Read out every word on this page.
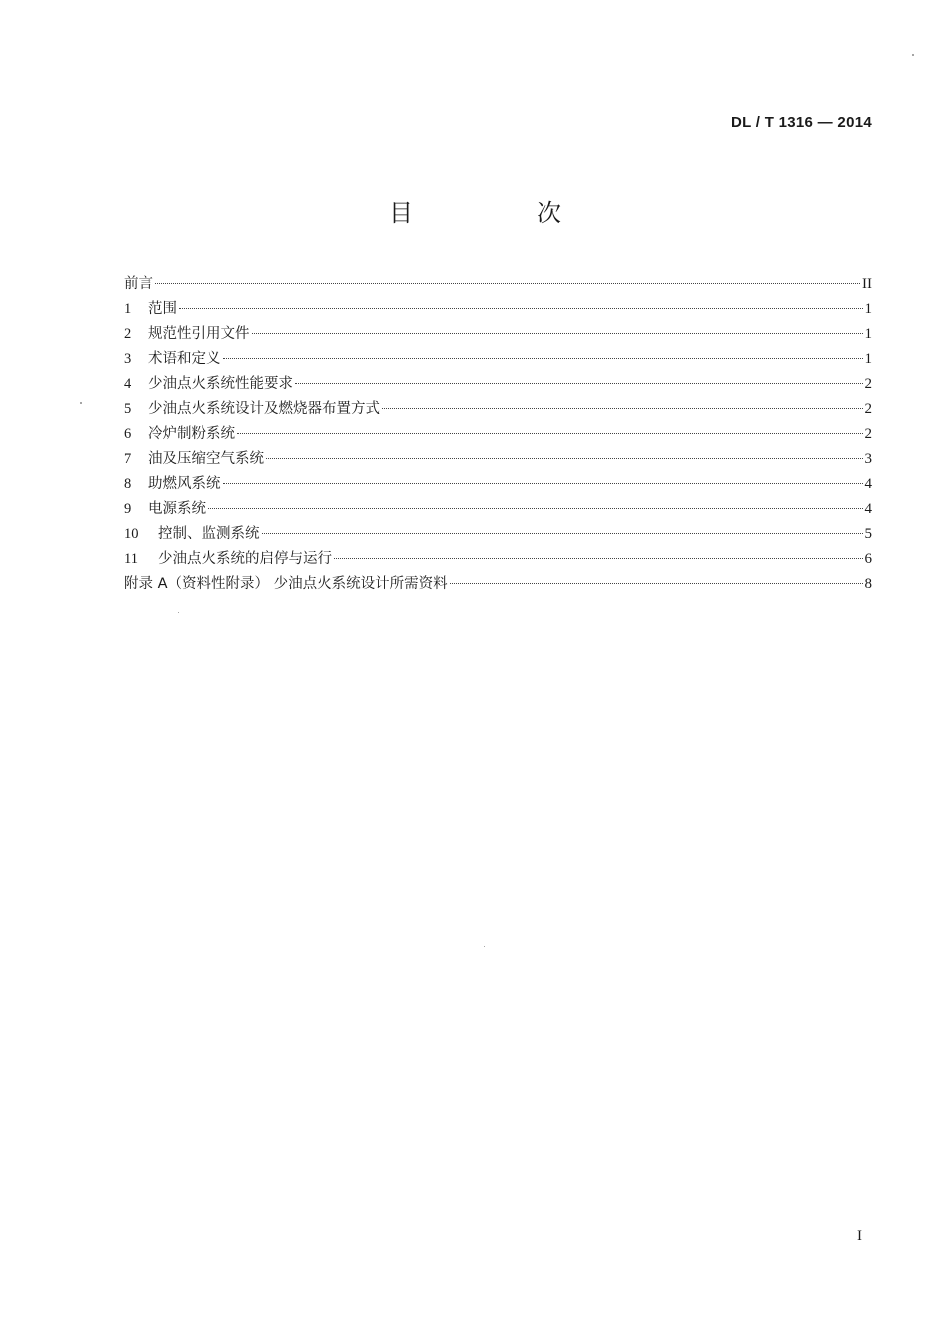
DL / T 1316 — 2014
目　次
前言	II
1	范围	1
2	规范性引用文件	1
3	术语和定义	1
4	少油点火系统性能要求	2
5	少油点火系统设计及燃烧器布置方式	2
6	冷炉制粉系统	2
7	油及压缩空气系统	3
8	助燃风系统	4
9	电源系统	4
10	控制、监测系统	5
11	少油点火系统的启停与运行	6
附录 A（资料性附录） 少油点火系统设计所需资料	8
I
